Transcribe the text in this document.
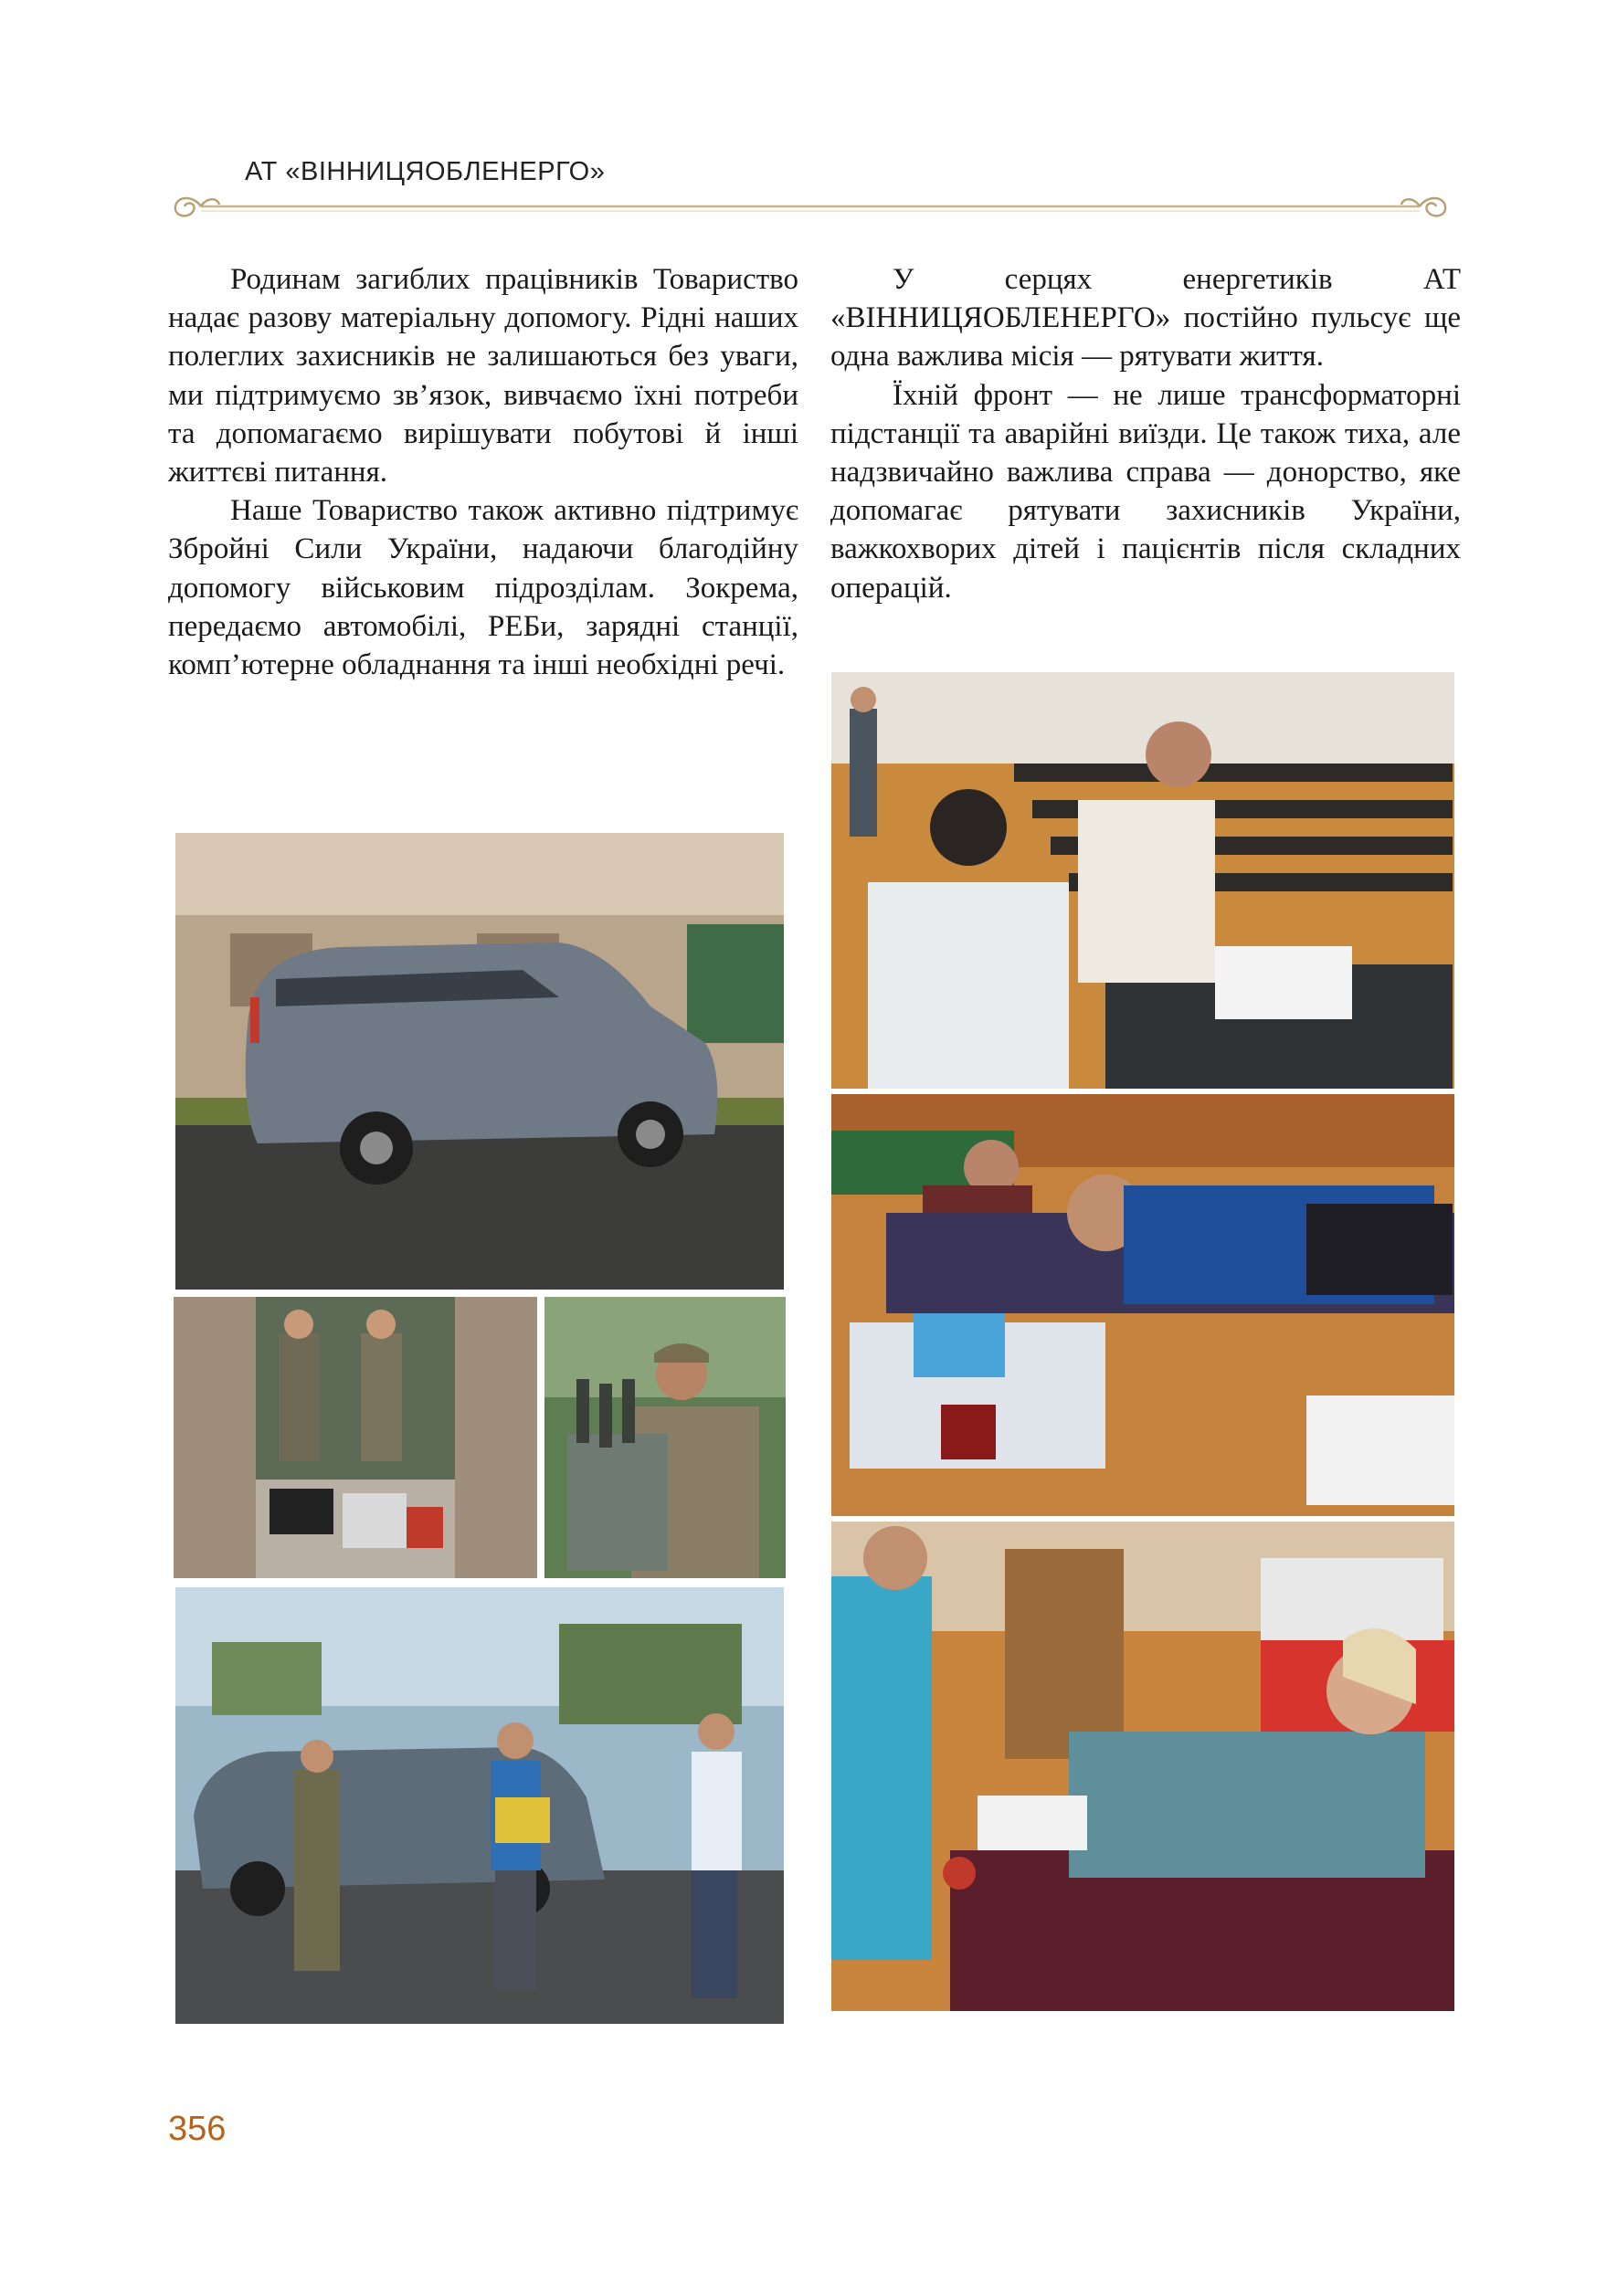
АТ «ВІННИЦЯОБЛЕНЕРГО»

Родинам загиблих працівників Товариство надає разову матеріальну допомогу. Рідні наших полеглих захисників не залишаються без уваги, ми підтримуємо зв’язок, вивчаємо їхні потреби та допомагаємо вирішувати побутові й інші життєві питання.

Наше Товариство також активно підтримує Збройні Сили України, надаючи благодійну допомогу військовим підрозділам. Зокрема, передаємо автомобілі, РЕБи, зарядні станції, комп’ютерне обладнання та інші необхідні речі.

У серцях енергетиків АТ «ВІННИЦЯОБЛЕНЕРГО» постійно пульсує ще одна важлива місія — рятувати життя.

Їхній фронт — не лише трансформаторні підстанції та аварійні виїзди. Це також тиха, але надзвичайно важлива справа — донорство, яке допомагає рятувати захисників України, важкохворих дітей і пацієнтів після складних операцій.

356
